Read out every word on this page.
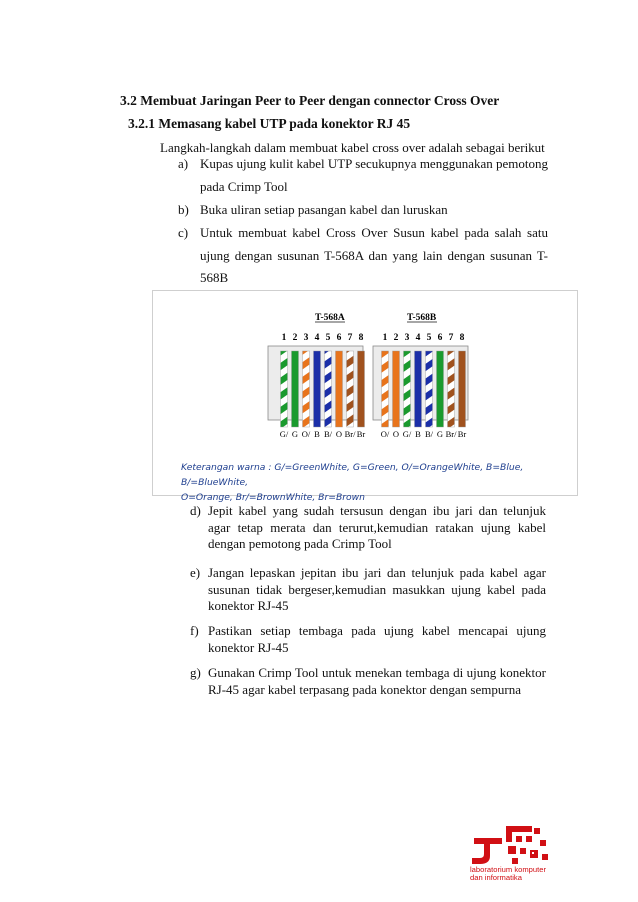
3.2 Membuat Jaringan Peer to Peer dengan connector Cross Over
3.2.1 Memasang kabel UTP pada konektor RJ 45
Langkah-langkah dalam membuat kabel cross over adalah sebagai berikut
a) Kupas ujung kulit kabel UTP secukupnya menggunakan pemotong pada Crimp Tool
b) Buka uliran setiap pasangan kabel dan luruskan
c) Untuk membuat kabel Cross Over Susun kabel pada salah satu ujung dengan susunan T-568A dan yang lain dengan susunan T-568B
T-568A	T-568B
1 2 3 4 5 6 7 8 1 2 3 4 5 6 7 8
G/ G O/ B B/ O Br/ Br O/ O G/ B B/ G Br/ Br
Keterangan warna : G/=GreenWhite, G=Green, O/=OrangeWhite, B=Blue, B/=BlueWhite,
O=Orange, Br/=BrownWhite, Br=Brown
d) Jepit kabel yang sudah tersusun dengan ibu jari dan telunjuk agar tetap merata dan terurut,kemudian ratakan ujung kabel dengan pemotong pada Crimp Tool
e) Jangan lepaskan jepitan ibu jari dan telunjuk pada kabel agar susunan tidak bergeser,kemudian masukkan ujung kabel pada konektor RJ-45
f) Pastikan setiap tembaga pada ujung kabel mencapai ujung konektor RJ-45
g) Gunakan Crimp Tool untuk menekan tembaga di ujung konektor RJ-45 agar kabel terpasang pada konektor dengan sempurna
laboratorium komputer
dan informatika
